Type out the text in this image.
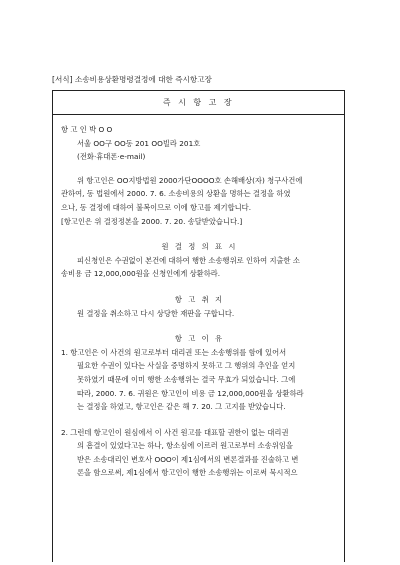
[서식] 소송비용상환명령결정에 대한 즉시항고장
즉 시 항 고 장
항 고 인 박 O O
서울 OO구 OO동 201 OO빌라 201호
(전화·휴대폰·e-mail)
위 항고인은 OO지방법원 2000가단OOOO호 손해배상(자) 청구사건에
관하여, 동 법원에서 2000. 7. 6. 소송비용의 상환을 명하는 결정을 하였
으나, 동 결정에 대하여 불복이므로 이에 항고를 제기합니다.
[항고인은 위 결정정본을 2000. 7. 20. 송달받았습니다.]
원 결 정 의 표 시
피신청인은 수권없이 본건에 대하여 행한 소송행위로 인하여 지출한 소
송비용 금 12,000,000원을 신청인에게 상환하라.
항 고 취 지
원 결정을 취소하고 다시 상당한 재판을 구합니다.
항 고 이 유
1. 항고인은 이 사건의 원고로부터 대리권 또는 소송행위를 함에 있어서
필요한 수권이 있다는 사실을 증명하지 못하고 그 행위의 추인을 얻지
못하였기 때문에 이미 행한 소송행위는 결국 무효가 되었습니다. 그에
따라, 2000. 7. 6. 귀원은 항고인이 비용 금 12,000,000원을 상환하라
는 결정을 하였고, 항고인은 같은 해 7. 20. 그 고지를 받았습니다.
2. 그런데 항고인이 원심에서 이 사건 원고를 대표할 권한이 없는 대리권
의 흠결이 있었다고는 하나, 항소심에 이르러 원고로부터 소송위임을
받은 소송대리인 변호사 OOO이 제1심에서의 변론결과를 진술하고 변
론을 함으로써, 제1심에서 항고인이 행한 소송행위는 이로써 묵시적으
